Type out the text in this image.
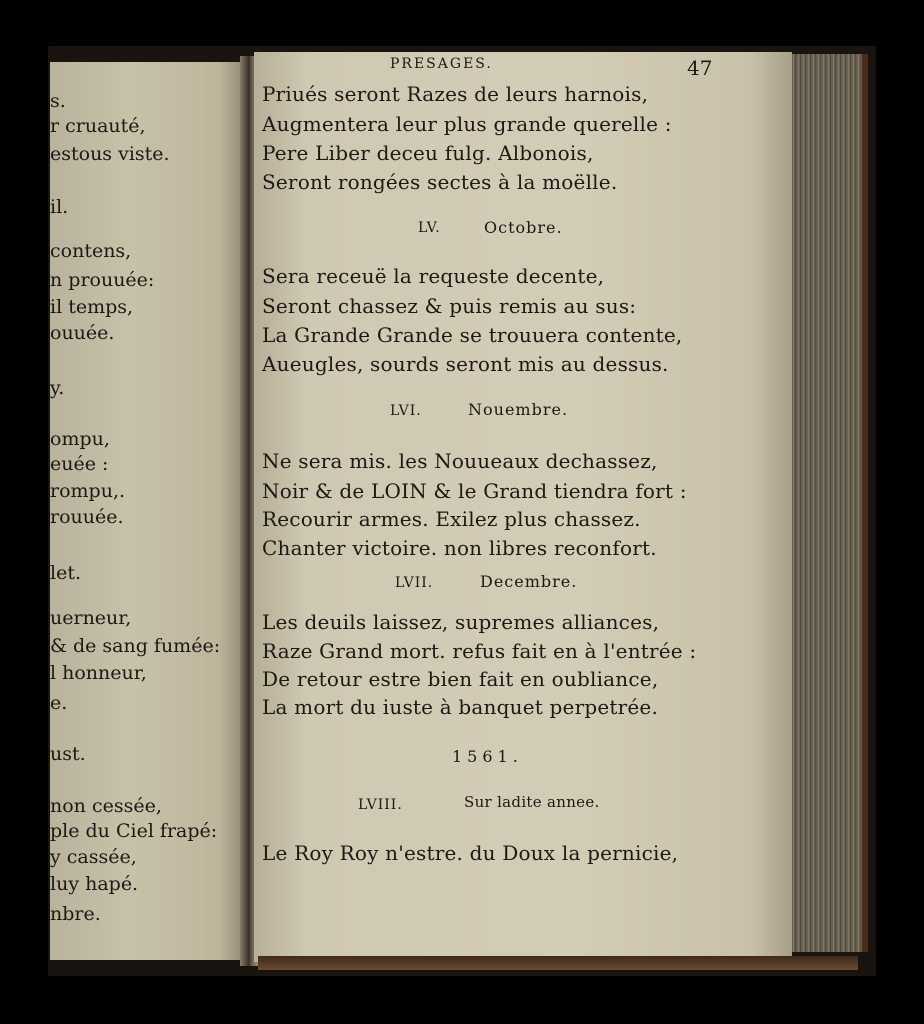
s.
r cruauté,
estous viste.
il.
contens,
n prouuée:
il temps,
ouuée.
y.
ompu,
euée :
rompu,.
rouuée.
let.
uerneur,
& de sang fumée:
l honneur,
e.
ust.
non cessée,
ple du Ciel frapé:
y cassée,
luy hapé.
nbre.
PRESAGES.	47
Priués seront Razes de leurs harnois,
Augmentera leur plus grande querelle :
Pere Liber deceu fulg. Albonois,
Seront rongées sectes à la moëlle.
LV.	Octobre.
Sera receuë la requeste decente,
Seront chassez & puis remis au sus:
La Grande Grande se trouuera contente,
Aueugles, sourds seront mis au dessus.
LVI.	Nouembre.
Ne sera mis. les Nouueaux dechassez,
Noir & de LOIN & le Grand tiendra fort :
Recourir armes. Exilez plus chassez.
Chanter victoire. non libres reconfort.
LVII.	Decembre.
Les deuils laissez, supremes alliances,
Raze Grand mort. refus fait en à l'entrée :
De retour estre bien fait en oubliance,
La mort du iuste à banquet perpetrée.
1561.
LVIII.	Sur ladite annee.
Le Roy Roy n'estre. du Doux la pernicie,
